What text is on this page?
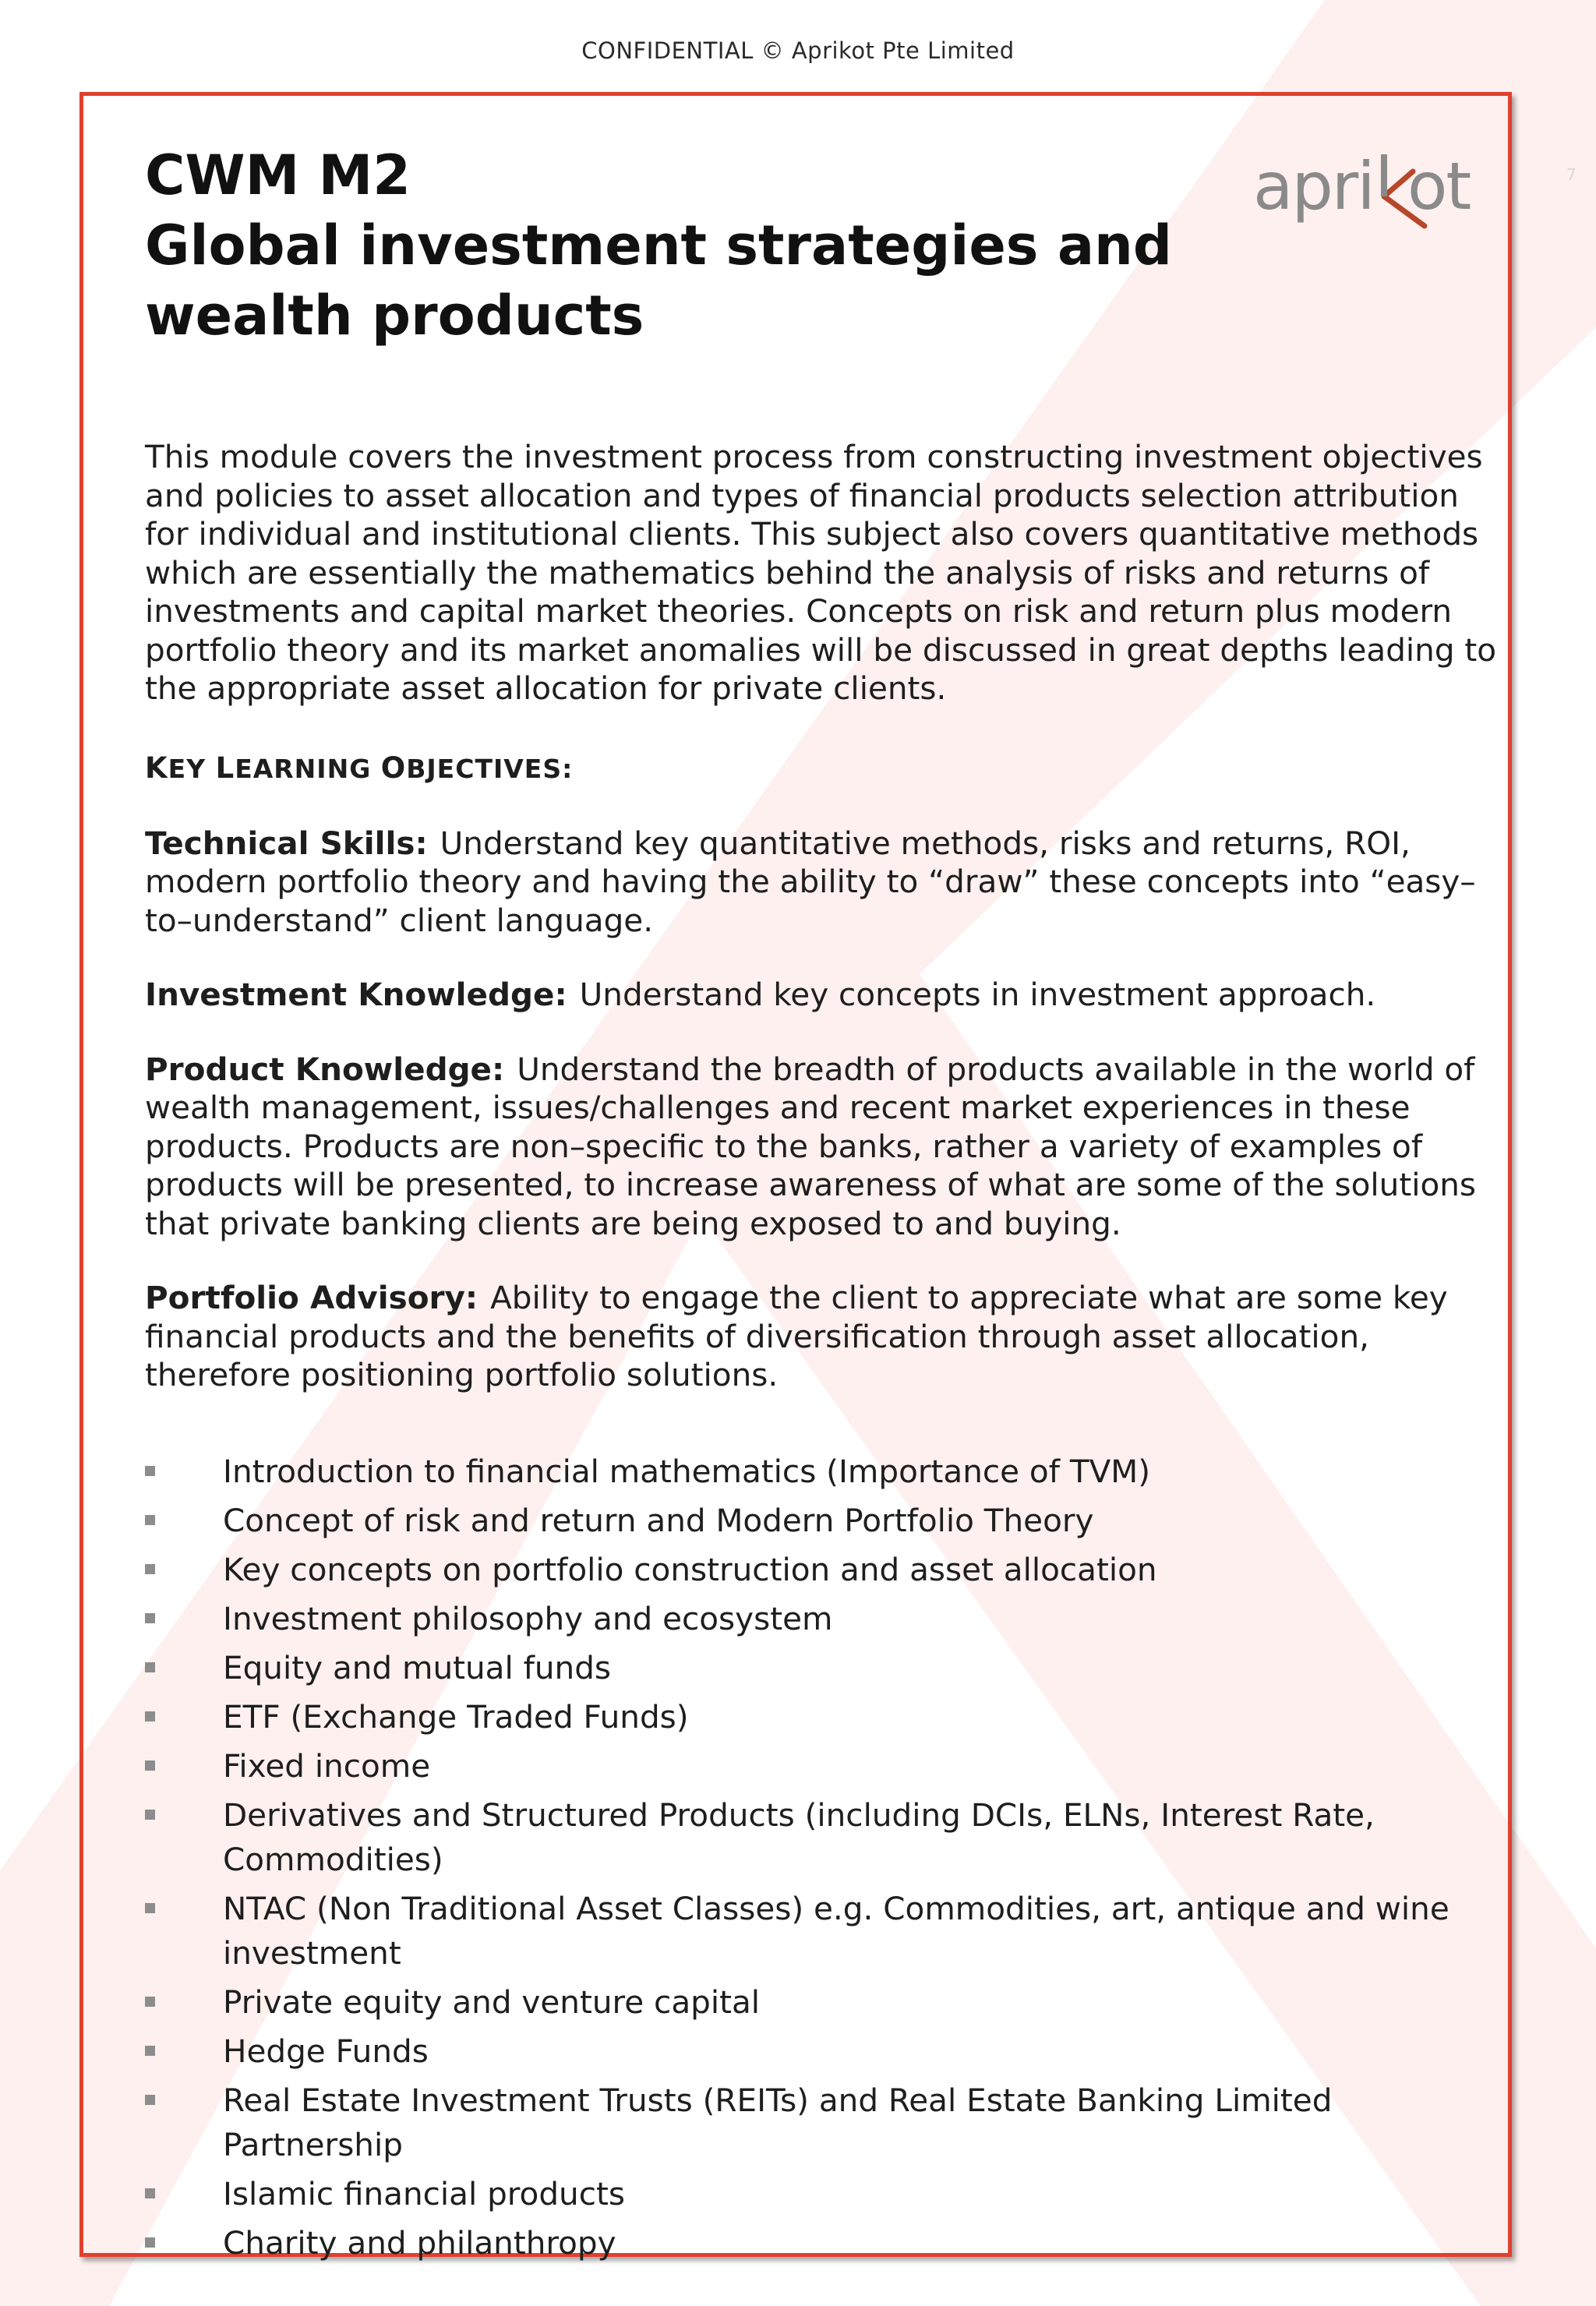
CONFIDENTIAL © Aprikot Pte Limited
7
apri ot
CWM M2
Global investment strategies and
wealth products

This module covers the investment process from constructing investment objectives and policies to asset allocation and types of financial products selection attribution for individual and institutional clients. This subject also covers quantitative methods which are essentially the mathematics behind the analysis of risks and returns of investments and capital market theories. Concepts on risk and return plus modern portfolio theory and its market anomalies will be discussed in great depths leading to the appropriate asset allocation for private clients.

KEY LEARNING OBJECTIVES:

Technical Skills: Understand key quantitative methods, risks and returns, ROI, modern portfolio theory and having the ability to “draw” these concepts into “easy–to–understand” client language.

Investment Knowledge: Understand key concepts in investment approach.

Product Knowledge: Understand the breadth of products available in the world of wealth management, issues/challenges and recent market experiences in these products. Products are non–specific to the banks, rather a variety of examples of products will be presented, to increase awareness of what are some of the solutions that private banking clients are being exposed to and buying.

Portfolio Advisory: Ability to engage the client to appreciate what are some key financial products and the benefits of diversification through asset allocation, therefore positioning portfolio solutions.

Introduction to financial mathematics (Importance of TVM)
Concept of risk and return and Modern Portfolio Theory
Key concepts on portfolio construction and asset allocation
Investment philosophy and ecosystem
Equity and mutual funds
ETF (Exchange Traded Funds)
Fixed income
Derivatives and Structured Products (including DCIs, ELNs, Interest Rate, Commodities)
NTAC (Non Traditional Asset Classes) e.g. Commodities, art, antique and wine investment
Private equity and venture capital
Hedge Funds
Real Estate Investment Trusts (REITs) and Real Estate Banking Limited Partnership
Islamic financial products
Charity and philanthropy
